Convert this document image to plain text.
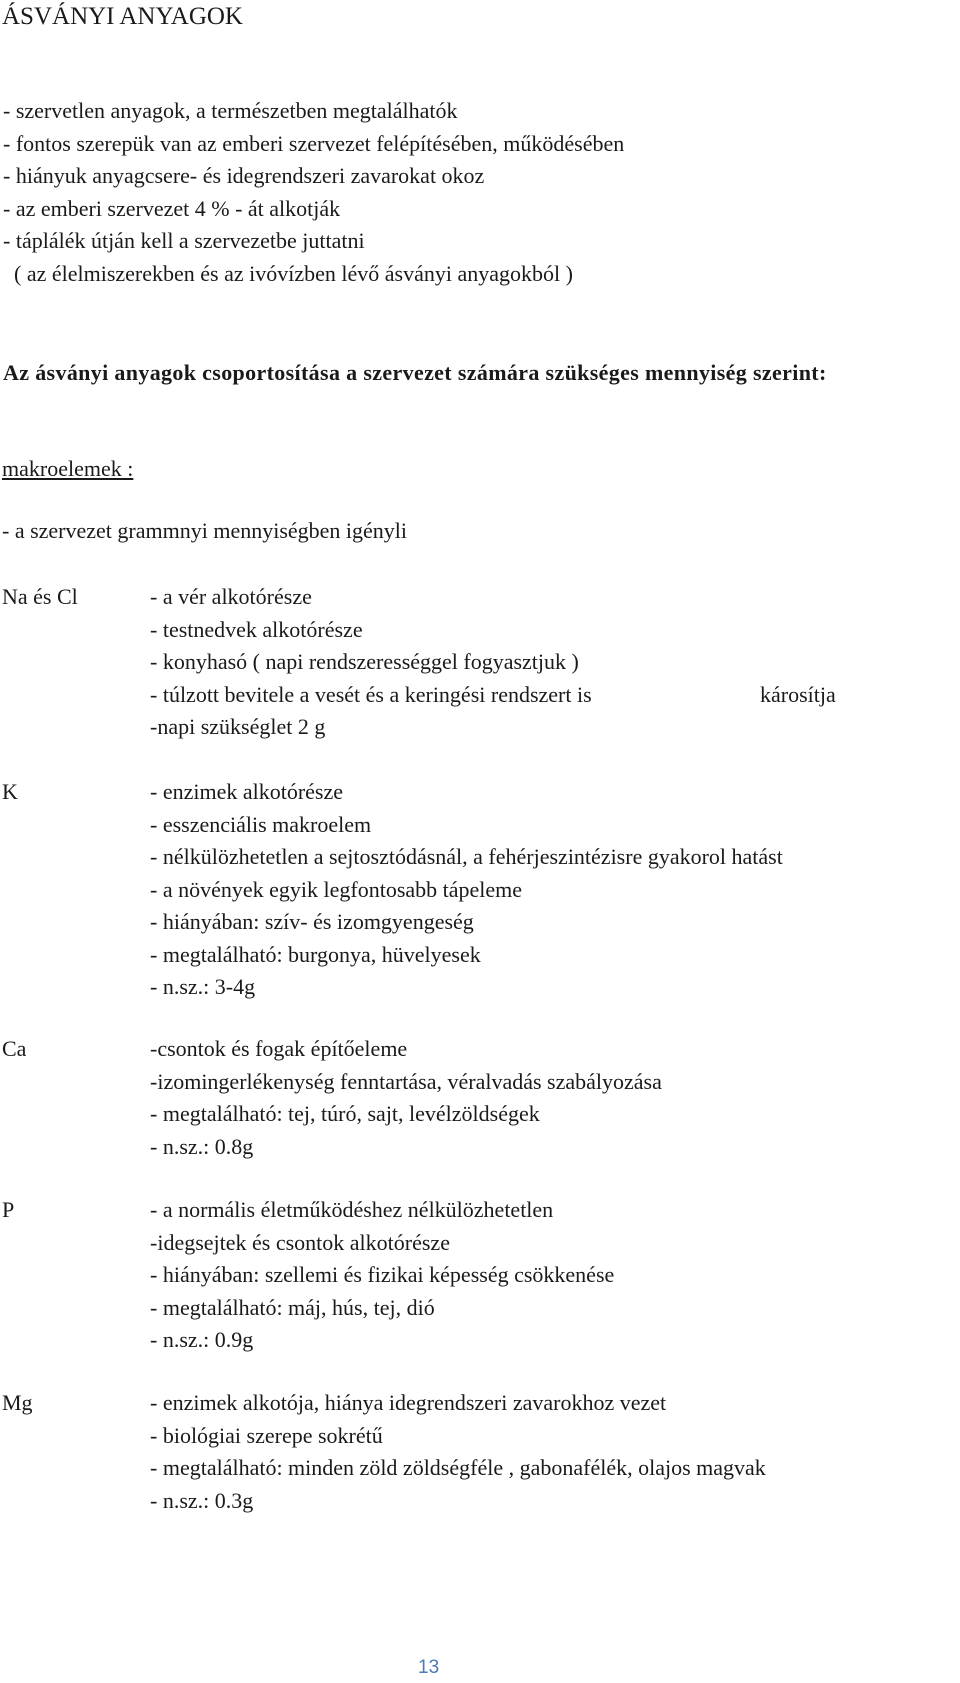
ÁSVÁNYI ANYAGOK
- szervetlen anyagok, a természetben megtalálhatók
- fontos szerepük van az emberi szervezet felépítésében, működésében
- hiányuk anyagcsere- és idegrendszeri zavarokat okoz
- az emberi szervezet 4 % - át alkotják
- táplálék útján kell a szervezetbe juttatni
( az élelmiszerekben és az ivóvízben lévő ásványi anyagokból )
Az ásványi anyagok csoportosítása a szervezet számára szükséges mennyiség szerint:
makroelemek :
- a szervezet grammnyi mennyiségben igényli
Na és Cl	- a vér alkotórésze
- testnedvek alkotórésze
- konyhasó ( napi rendszerességgel fogyasztjuk )
- túlzott bevitele a vesét és a keringési rendszert is	károsítja
-napi szükséglet 2 g
K	- enzimek alkotórésze
- esszenciális makroelem
- nélkülözhetetlen a sejtosztódásnál, a fehérjeszintézisre gyakorol hatást
- a növények egyik legfontosabb tápeleme
- hiányában: szív- és izomgyengeség
- megtalálható: burgonya, hüvelyesek
- n.sz.: 3-4g
Ca	-csontok és fogak építőeleme
-izomingerlékenység fenntartása, véralvadás szabályozása
- megtalálható: tej, túró, sajt, levélzöldségek
- n.sz.: 0.8g
P	- a normális életműködéshez nélkülözhetetlen
-idegsejtek és csontok alkotórésze
- hiányában: szellemi és fizikai képesség csökkenése
- megtalálható: máj, hús, tej, dió
- n.sz.: 0.9g
Mg	- enzimek alkotója, hiánya idegrendszeri zavarokhoz vezet
- biológiai szerepe sokrétű
- megtalálható: minden zöld zöldségféle , gabonafélék, olajos magvak
- n.sz.: 0.3g
13
